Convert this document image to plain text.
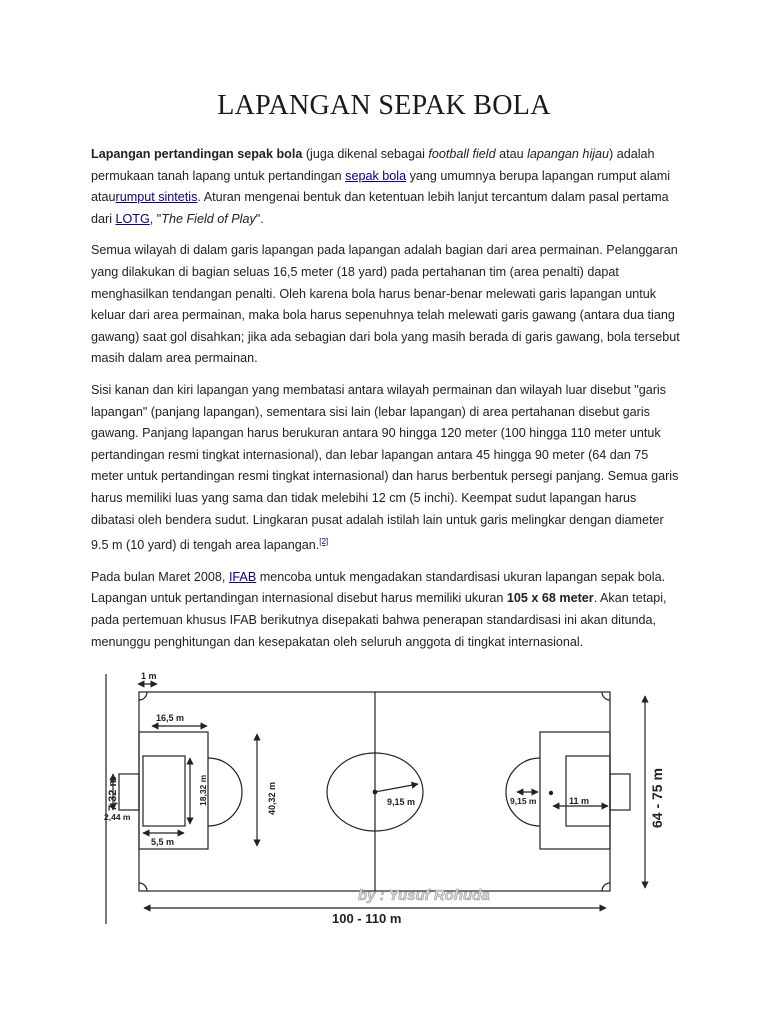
LAPANGAN SEPAK BOLA

Lapangan pertandingan sepak bola (juga dikenal sebagai football field atau lapangan hijau) adalah permukaan tanah lapang untuk pertandingan sepak bola yang umumnya berupa lapangan rumput alami ataurumput sintetis. Aturan mengenai bentuk dan ketentuan lebih lanjut tercantum dalam pasal pertama dari LOTG, "The Field of Play".

Semua wilayah di dalam garis lapangan pada lapangan adalah bagian dari area permainan. Pelanggaran yang dilakukan di bagian seluas 16,5 meter (18 yard) pada pertahanan tim (area penalti) dapat menghasilkan tendangan penalti. Oleh karena bola harus benar-benar melewati garis lapangan untuk keluar dari area permainan, maka bola harus sepenuhnya telah melewati garis gawang (antara dua tiang gawang) saat gol disahkan; jika ada sebagian dari bola yang masih berada di garis gawang, bola tersebut masih dalam area permainan.

Sisi kanan dan kiri lapangan yang membatasi antara wilayah permainan dan wilayah luar disebut "garis lapangan" (panjang lapangan), sementara sisi lain (lebar lapangan) di area pertahanan disebut garis gawang. Panjang lapangan harus berukuran antara 90 hingga 120 meter (100 hingga 110 meter untuk pertandingan resmi tingkat internasional), dan lebar lapangan antara 45 hingga 90 meter (64 dan 75 meter untuk pertandingan resmi tingkat internasional) dan harus berbentuk persegi panjang. Semua garis harus memiliki luas yang sama dan tidak melebihi 12 cm (5 inchi). Keempat sudut lapangan harus dibatasi oleh bendera sudut. Lingkaran pusat adalah istilah lain untuk garis melingkar dengan diameter 9.5 m (10 yard) di tengah area lapangan.[2]

Pada bulan Maret 2008, IFAB mencoba untuk mengadakan standardisasi ukuran lapangan sepak bola. Lapangan untuk pertandingan internasional disebut harus memiliki ukuran 105 x 68 meter. Akan tetapi, pada pertemuan khusus IFAB berikutnya disepakati bahwa penerapan standardisasi ini akan ditunda, menunggu penghitungan dan kesepakatan oleh seluruh anggota di tingkat internasional.

1 m
16,5 m
5,5 m
2,44 m
7,32 m	18,32 m	40,32 m	9,15 m	9,15 m	11 m	64 - 75 m
100 - 110 m
by : Yusuf Rohuda
